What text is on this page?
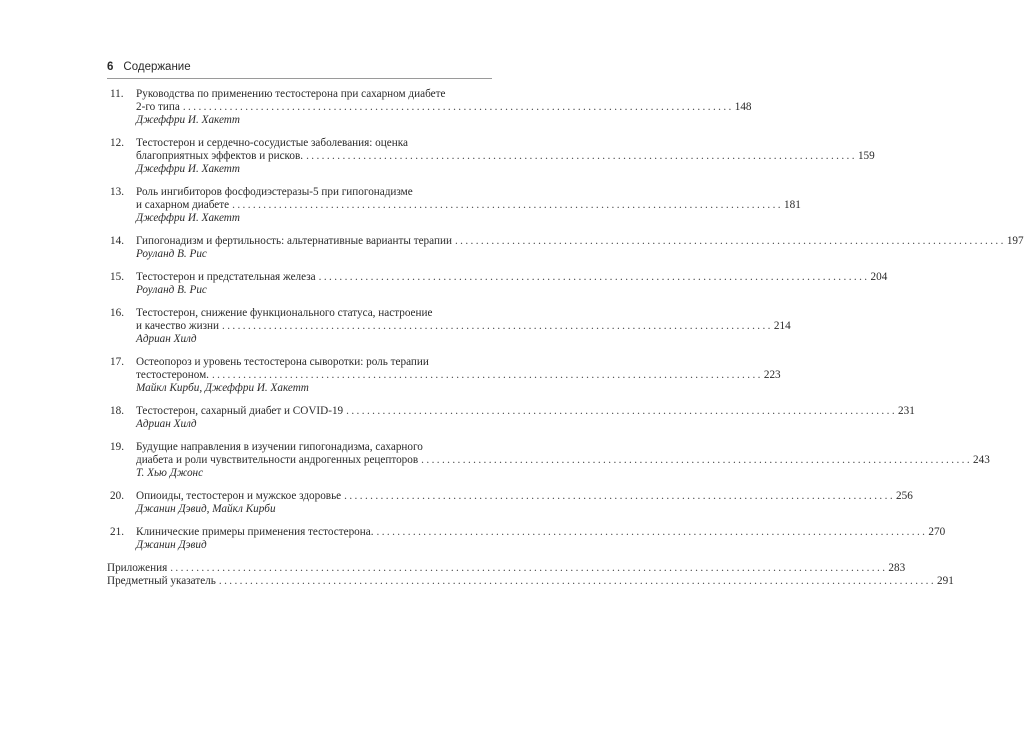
6 Содержание
11. Руководства по применению тестостерона при сахарном диабете
2-го типа .......................................................................................................... 148
Джеффри И. Хакетт
12. Тестостерон и сердечно-сосудистые заболевания: оценка
благоприятных эффектов и рисков. .......................................................................................................... 159
Джеффри И. Хакетт
13. Роль ингибиторов фосфодиэстеразы-5 при гипогонадизме
и сахарном диабете .......................................................................................................... 181
Джеффри И. Хакетт
14. Гипогонадизм и фертильность: альтернативные варианты терапии .......................................................................................................... 197
Роуланд В. Рис
15. Тестостерон и предстательная железа .......................................................................................................... 204
Роуланд В. Рис
16. Тестостерон, снижение функционального статуса, настроение
и качество жизни .......................................................................................................... 214
Адриан Хилд
17. Остеопороз и уровень тестостерона сыворотки: роль терапии
тестостероном. .......................................................................................................... 223
Майкл Кирби, Джеффри И. Хакетт
18. Тестостерон, сахарный диабет и COVID-19 .......................................................................................................... 231
Адриан Хилд
19. Будущие направления в изучении гипогонадизма, сахарного
диабета и роли чувствительности андрогенных рецепторов .......................................................................................................... 243
Т. Хью Джонс
20. Опиоиды, тестостерон и мужское здоровье .......................................................................................................... 256
Джанин Дэвид, Майкл Кирби
21. Клинические примеры применения тестостерона. .......................................................................................................... 270
Джанин Дэвид
Приложения .......................................................................................................................................... 283
Предметный указатель .......................................................................................................................................... 291
